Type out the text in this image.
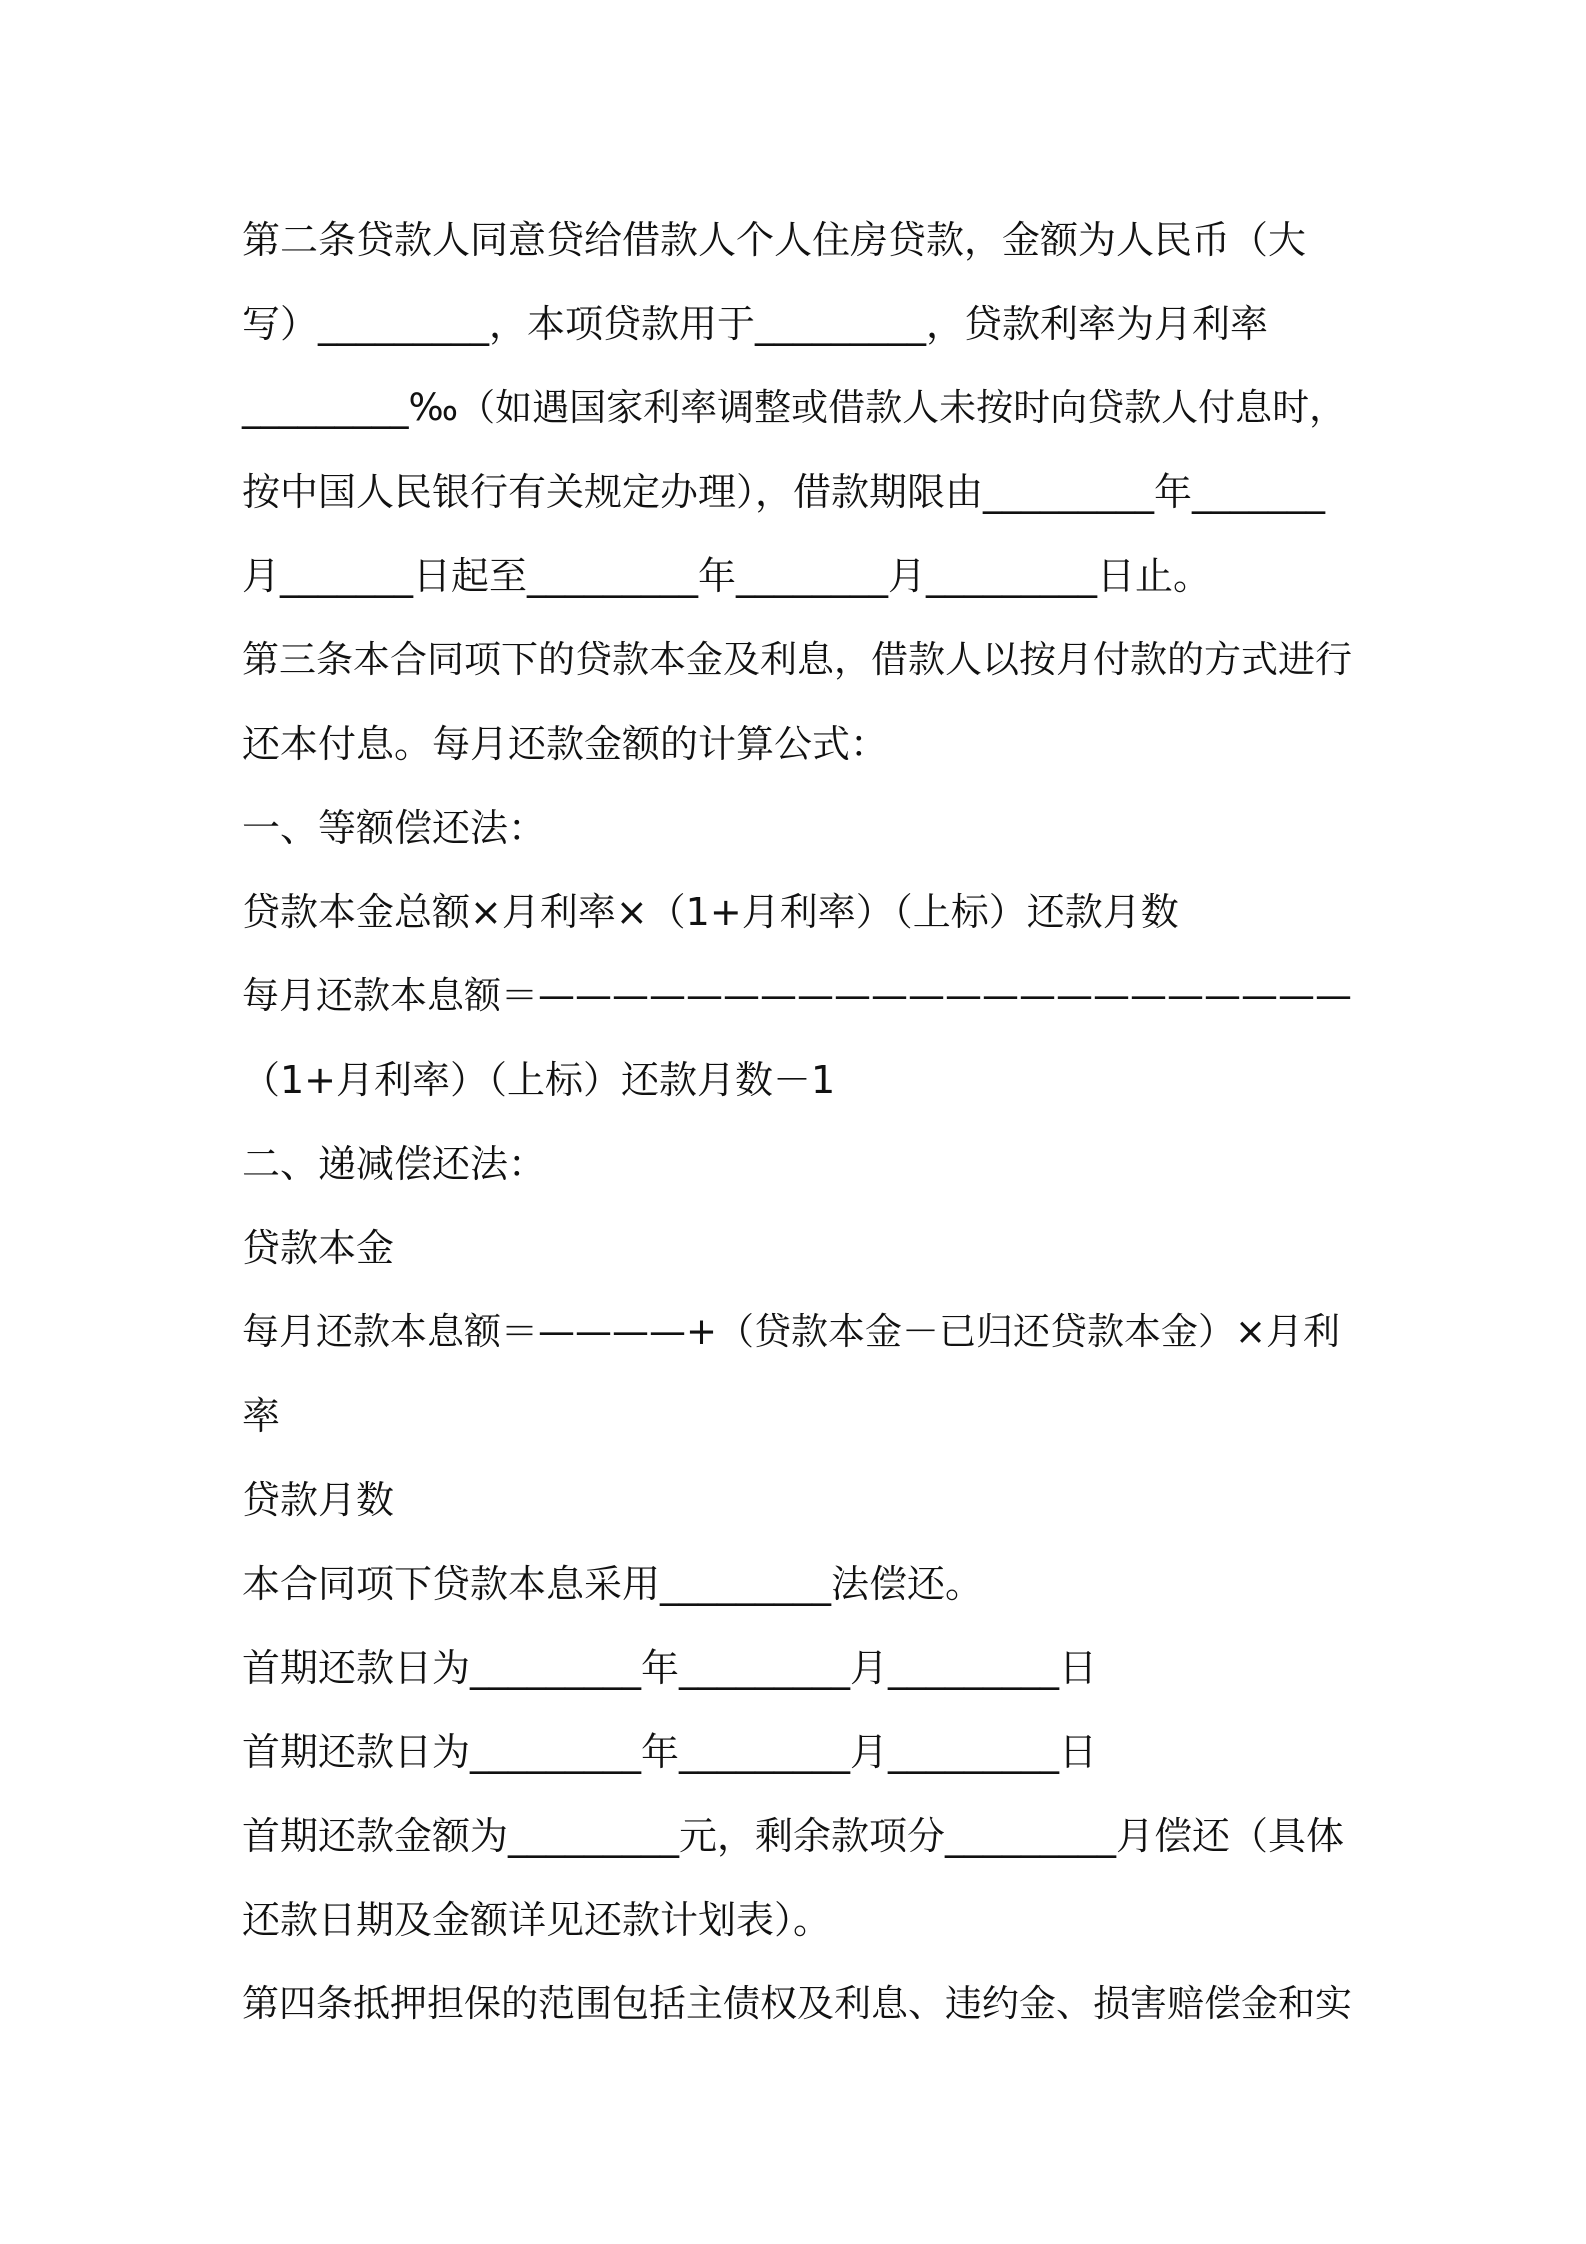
第二条贷款人同意贷给借款人个人住房贷款，金额为人民币（大
写）_________，本项贷款用于_________，贷款利率为月利率
_________‰（如遇国家利率调整或借款人未按时向贷款人付息时，
按中国人民银行有关规定办理），借款期限由_________年_______
月_______日起至_________年________月_________日止。
第三条本合同项下的贷款本金及利息，借款人以按月付款的方式进行
还本付息。每月还款金额的计算公式：
一、等额偿还法：
贷款本金总额×月利率×（1+月利率）（上标）还款月数
每月还款本息额＝——————————————————————
（1+月利率）（上标）还款月数－1
二、递减偿还法：
贷款本金
每月还款本息额＝————+（贷款本金－已归还贷款本金）×月利
率
贷款月数
本合同项下贷款本息采用_________法偿还。
首期还款日为_________年_________月_________日
首期还款日为_________年_________月_________日
首期还款金额为_________元，剩余款项分_________月偿还（具体
还款日期及金额详见还款计划表）。
第四条抵押担保的范围包括主债权及利息、违约金、损害赔偿金和实
